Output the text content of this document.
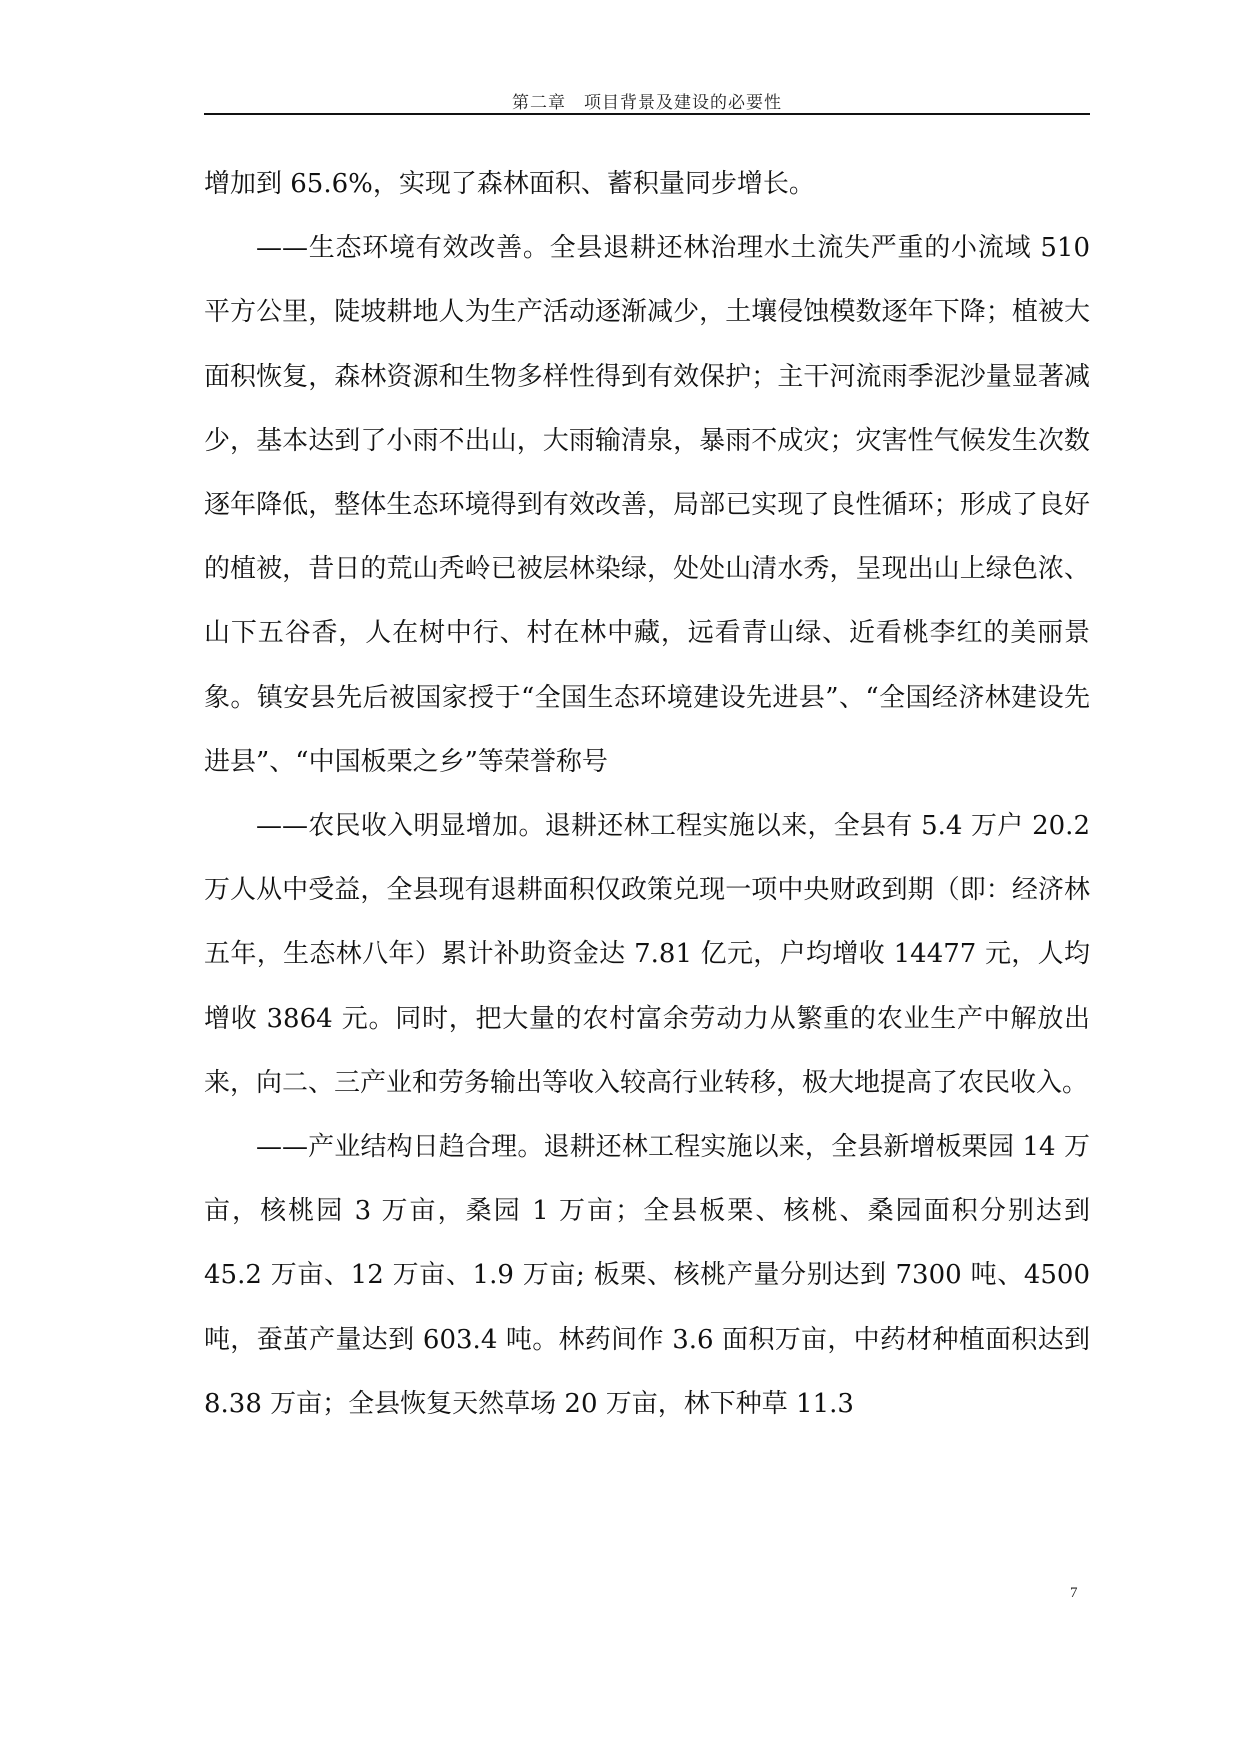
第二章　项目背景及建设的必要性

增加到 65.6%，实现了森林面积、蓄积量同步增长。

——生态环境有效改善。全县退耕还林治理水土流失严重的小流域 510 平方公里，陡坡耕地人为生产活动逐渐减少，土壤侵蚀模数逐年下降；植被大面积恢复，森林资源和生物多样性得到有效保护；主干河流雨季泥沙量显著减少，基本达到了小雨不出山，大雨输清泉，暴雨不成灾；灾害性气候发生次数逐年降低，整体生态环境得到有效改善，局部已实现了良性循环；形成了良好的植被，昔日的荒山秃岭已被层林染绿，处处山清水秀，呈现出山上绿色浓、山下五谷香，人在树中行、村在林中藏，远看青山绿、近看桃李红的美丽景象。镇安县先后被国家授于“全国生态环境建设先进县”、“全国经济林建设先进县”、“中国板栗之乡”等荣誉称号

——农民收入明显增加。退耕还林工程实施以来，全县有 5.4 万户 20.2 万人从中受益，全县现有退耕面积仅政策兑现一项中央财政到期（即：经济林五年，生态林八年）累计补助资金达 7.81 亿元，户均增收 14477 元，人均增收 3864 元。同时，把大量的农村富余劳动力从繁重的农业生产中解放出来，向二、三产业和劳务输出等收入较高行业转移，极大地提高了农民收入。

——产业结构日趋合理。退耕还林工程实施以来，全县新增板栗园 14 万亩，核桃园 3 万亩，桑园 1 万亩；全县板栗、核桃、桑园面积分别达到 45.2 万亩、12 万亩、1.9 万亩; 板栗、核桃产量分别达到 7300 吨、4500 吨，蚕茧产量达到 603.4 吨。林药间作 3.6 面积万亩，中药材种植面积达到 8.38 万亩；全县恢复天然草场 20 万亩，林下种草 11.3

7
